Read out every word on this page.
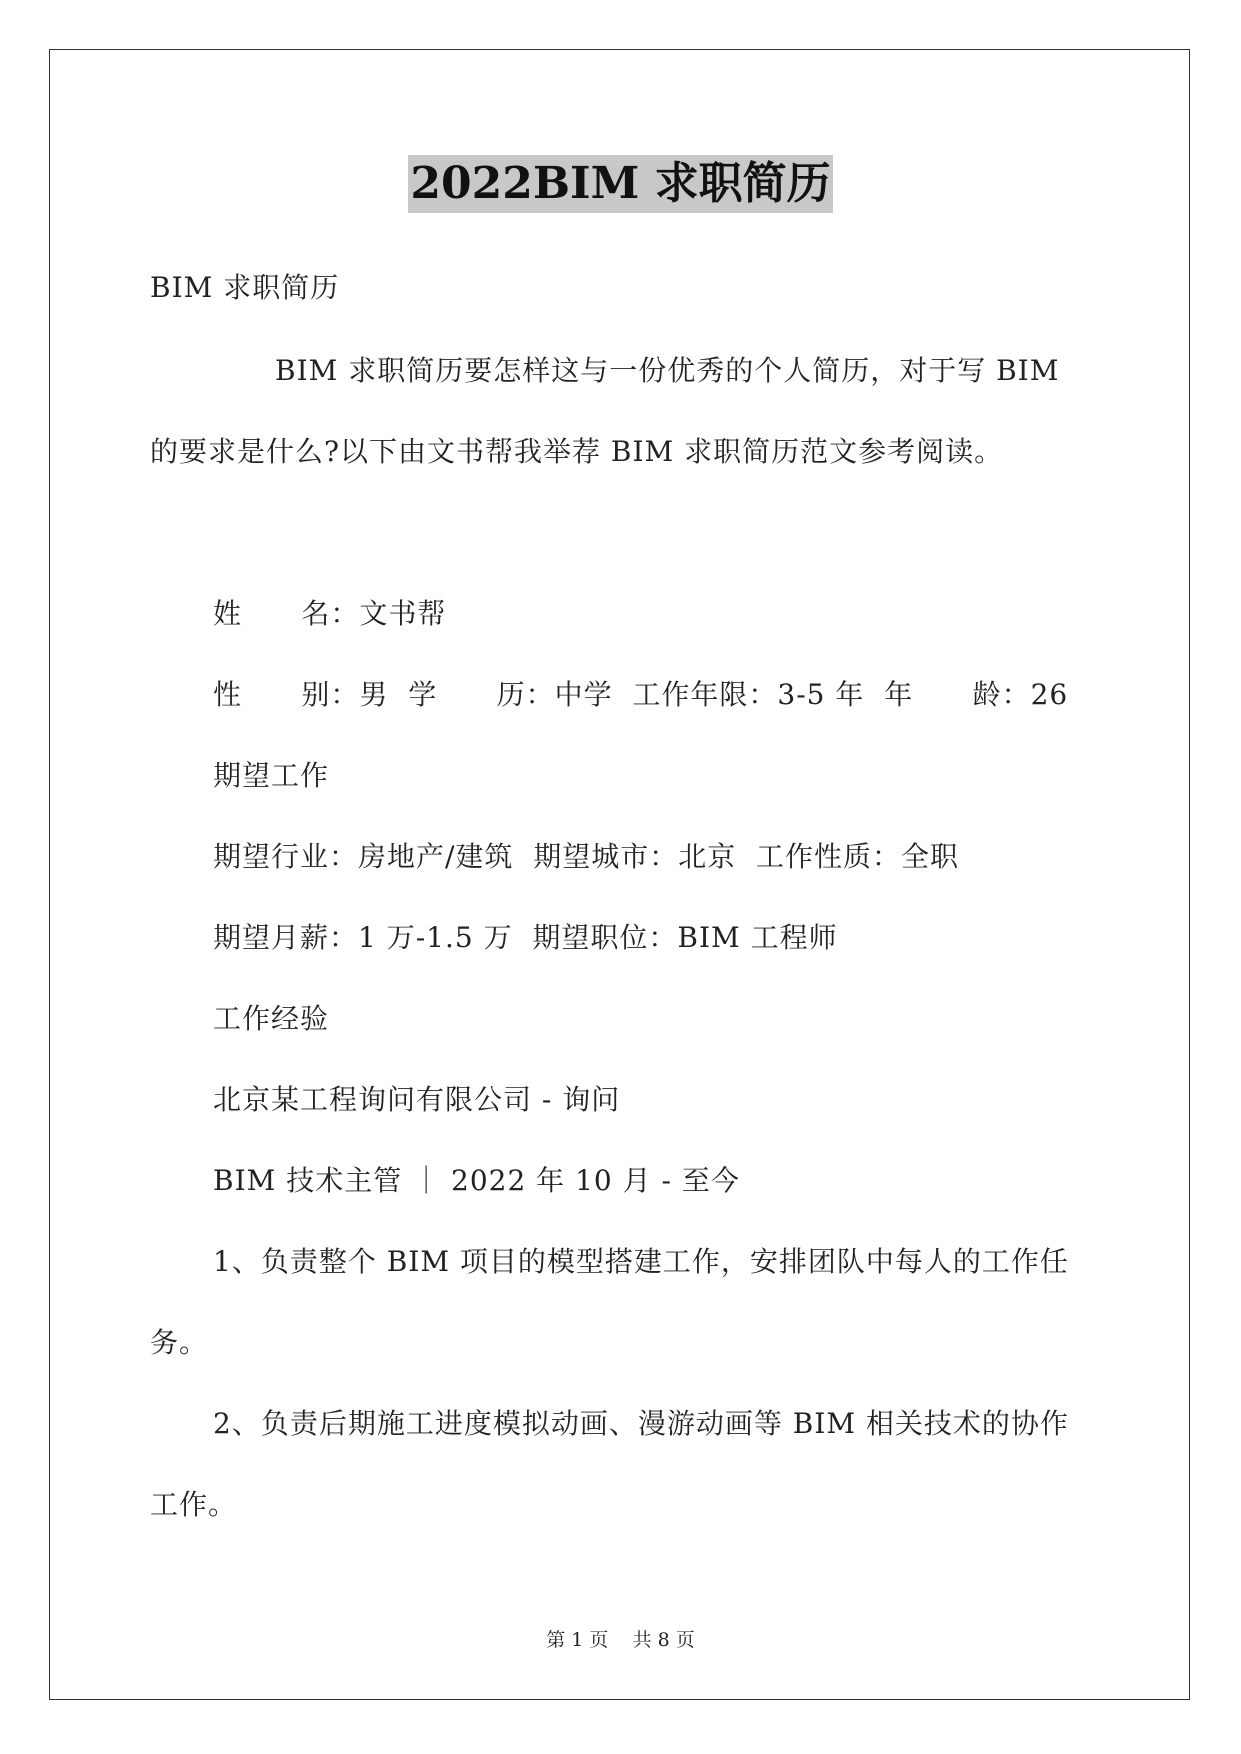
2022BIM 求职简历
BIM 求职简历
BIM 求职简历要怎样这与一份优秀的个人简历，对于写 BIM
的要求是什么?以下由文书帮我举荐 BIM 求职简历范文参考阅读。
姓      名：文书帮
性      别：男  学      历：中学  工作年限：3-5 年  年      龄：26
期望工作
期望行业：房地产/建筑  期望城市：北京  工作性质：全职
期望月薪：1 万-1.5 万  期望职位：BIM 工程师
工作经验
北京某工程询问有限公司 - 询问
BIM 技术主管 ｜ 2022 年 10 月 - 至今
1、负责整个 BIM 项目的模型搭建工作，安排团队中每人的工作任
务。
2、负责后期施工进度模拟动画、漫游动画等 BIM 相关技术的协作
工作。
第 1 页    共 8 页
